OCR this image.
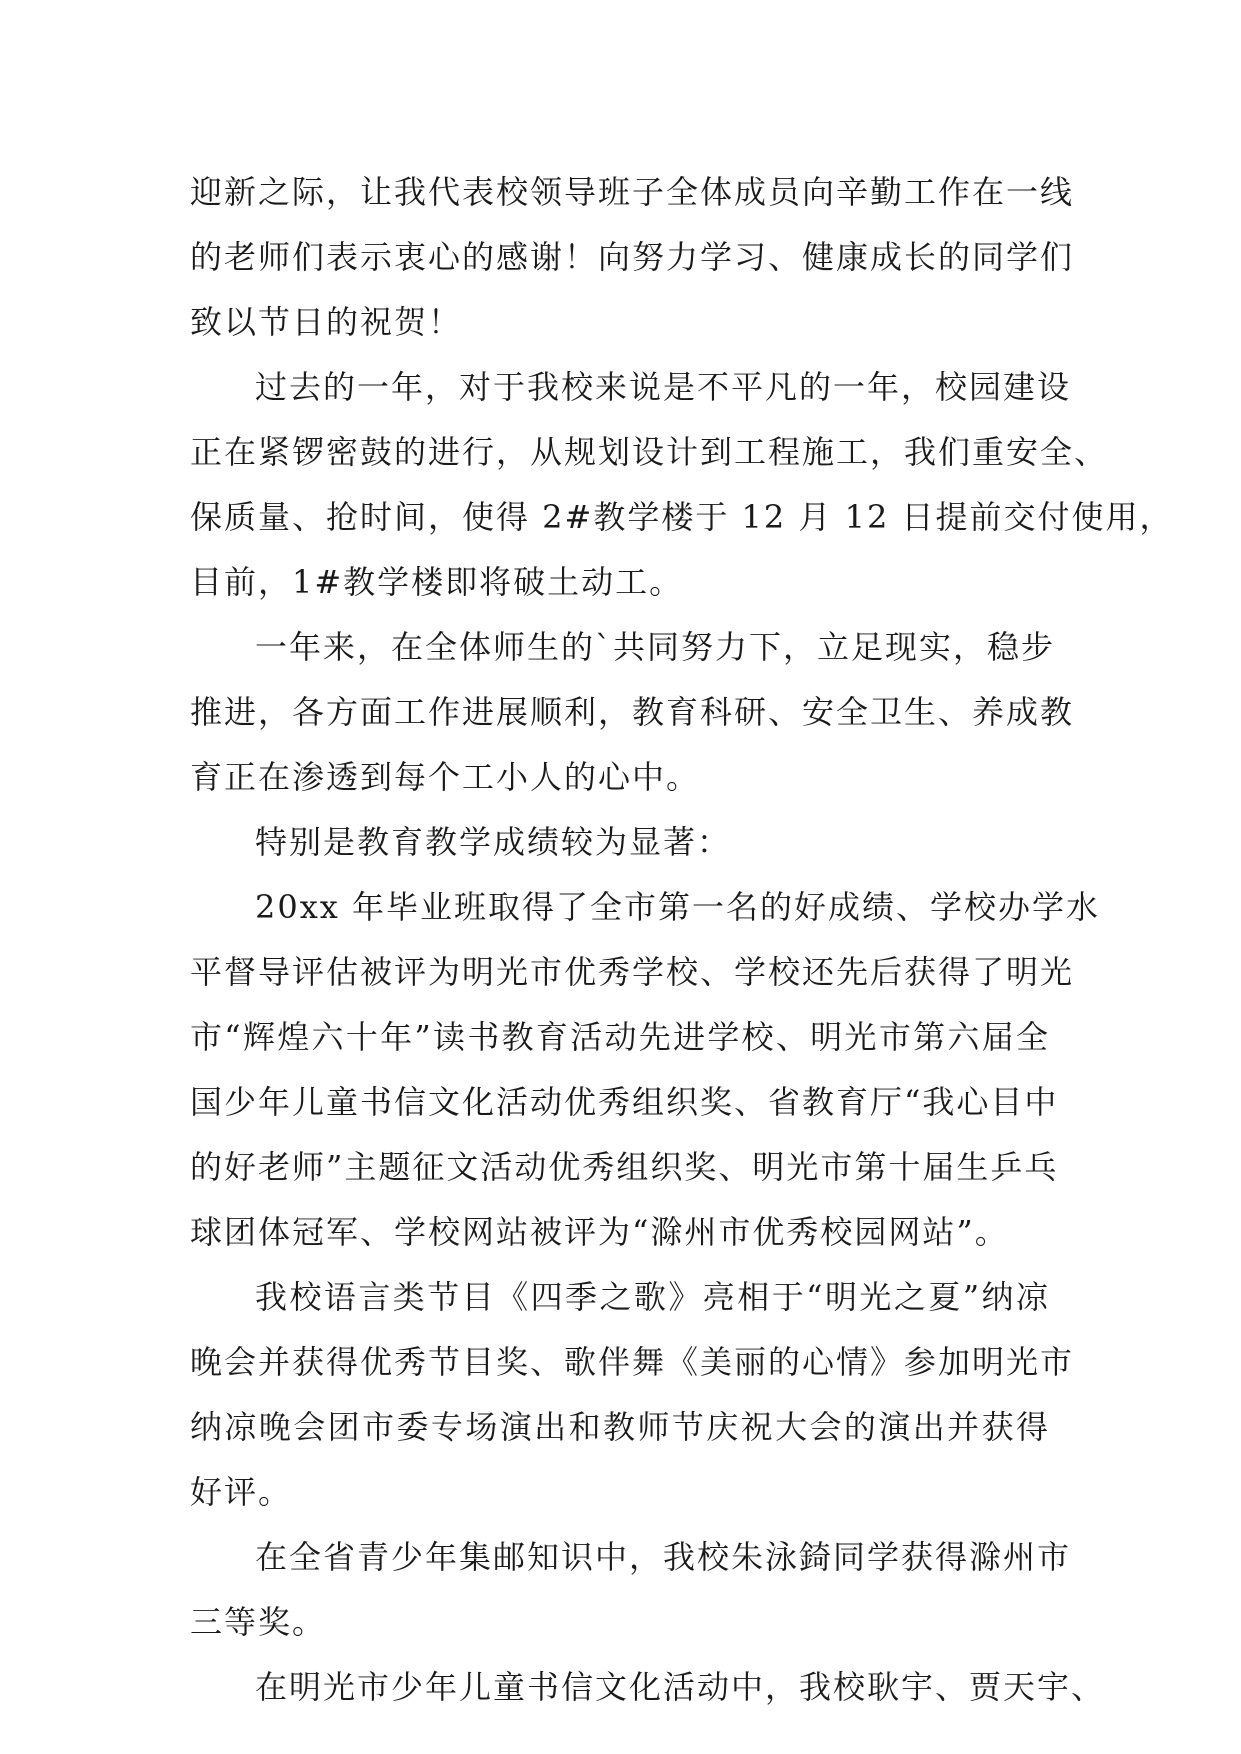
迎新之际，让我代表校领导班子全体成员向辛勤工作在一线
的老师们表示衷心的感谢！向努力学习、健康成长的同学们
致以节日的祝贺！
过去的一年，对于我校来说是不平凡的一年，校园建设
正在紧锣密鼓的进行，从规划设计到工程施工，我们重安全、
保质量、抢时间，使得 2#教学楼于 12 月 12 日提前交付使用，
目前，1#教学楼即将破土动工。
一年来，在全体师生的`共同努力下，立足现实，稳步
推进，各方面工作进展顺利，教育科研、安全卫生、养成教
育正在渗透到每个工小人的心中。
特别是教育教学成绩较为显著：
20xx 年毕业班取得了全市第一名的好成绩、学校办学水
平督导评估被评为明光市优秀学校、学校还先后获得了明光
市“辉煌六十年”读书教育活动先进学校、明光市第六届全
国少年儿童书信文化活动优秀组织奖、省教育厅“我心目中
的好老师”主题征文活动优秀组织奖、明光市第十届生乒乓
球团体冠军、学校网站被评为“滁州市优秀校园网站”。
我校语言类节目《四季之歌》亮相于“明光之夏”纳凉
晚会并获得优秀节目奖、歌伴舞《美丽的心情》参加明光市
纳凉晚会团市委专场演出和教师节庆祝大会的演出并获得
好评。
在全省青少年集邮知识中，我校朱泳錡同学获得滁州市
三等奖。
在明光市少年儿童书信文化活动中，我校耿宇、贾天宇、
